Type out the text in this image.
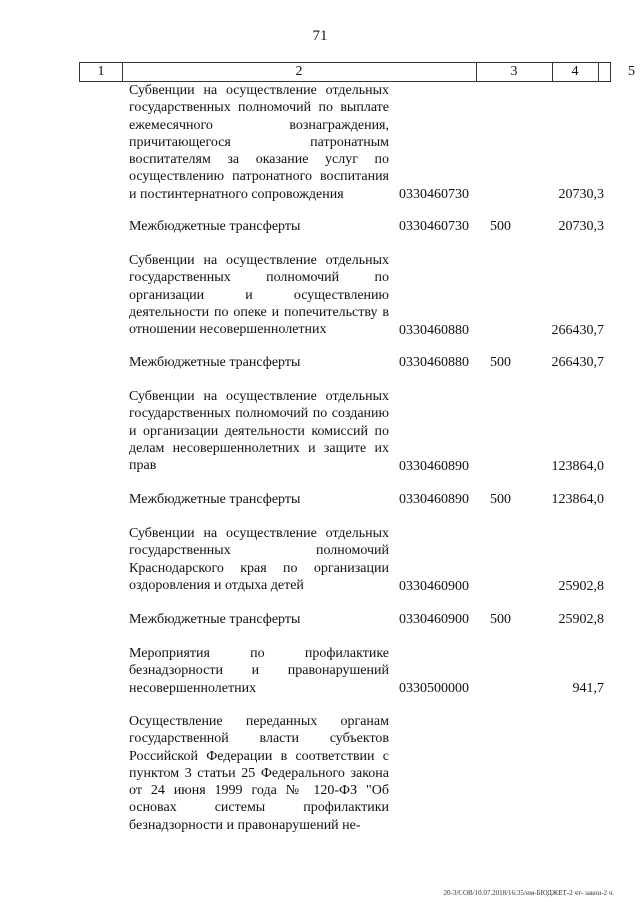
71
1	2	3	4	5
Субвенции на осуществление отдельных государственных полномочий по выплате ежемесячного вознаграждения, причитающегося патронатным воспитателям за оказание услуг по осуществлению патронатного воспитания и постинтернатного сопровождения	0330460730	20730,3
Межбюджетные трансферты	0330460730 500	20730,3
Субвенции на осуществление отдельных государственных полномочий по организации и осуществлению деятельности по опеке и попечительству в отношении несовершеннолетних	0330460880	266430,7
Межбюджетные трансферты	0330460880 500	266430,7
Субвенции на осуществление отдельных государственных полномочий по созданию и организации деятельности комиссий по делам несовершеннолетних и защите их прав	0330460890	123864,0
Межбюджетные трансферты	0330460890 500	123864,0
Субвенции на осуществление отдельных государственных полномочий Краснодарского края по организации оздоровления и отдыха детей	0330460900	25902,8
Межбюджетные трансферты	0330460900 500	25902,8
Мероприятия по профилактике безнадзорности и правонарушений несовершеннолетних	0330500000	941,7
Осуществление переданных органам государственной власти субъектов Российской Федерации в соответствии с пунктом 3 статьи 25 Федерального закона от 24 июня 1999 года № 120-ФЗ "Об основах системы профилактики безнадзорности и правонарушений не-
20-3/СОВ/10.07.2018/16:35/им-БЮДЖЕТ-2 чт- закон-2 ч.
